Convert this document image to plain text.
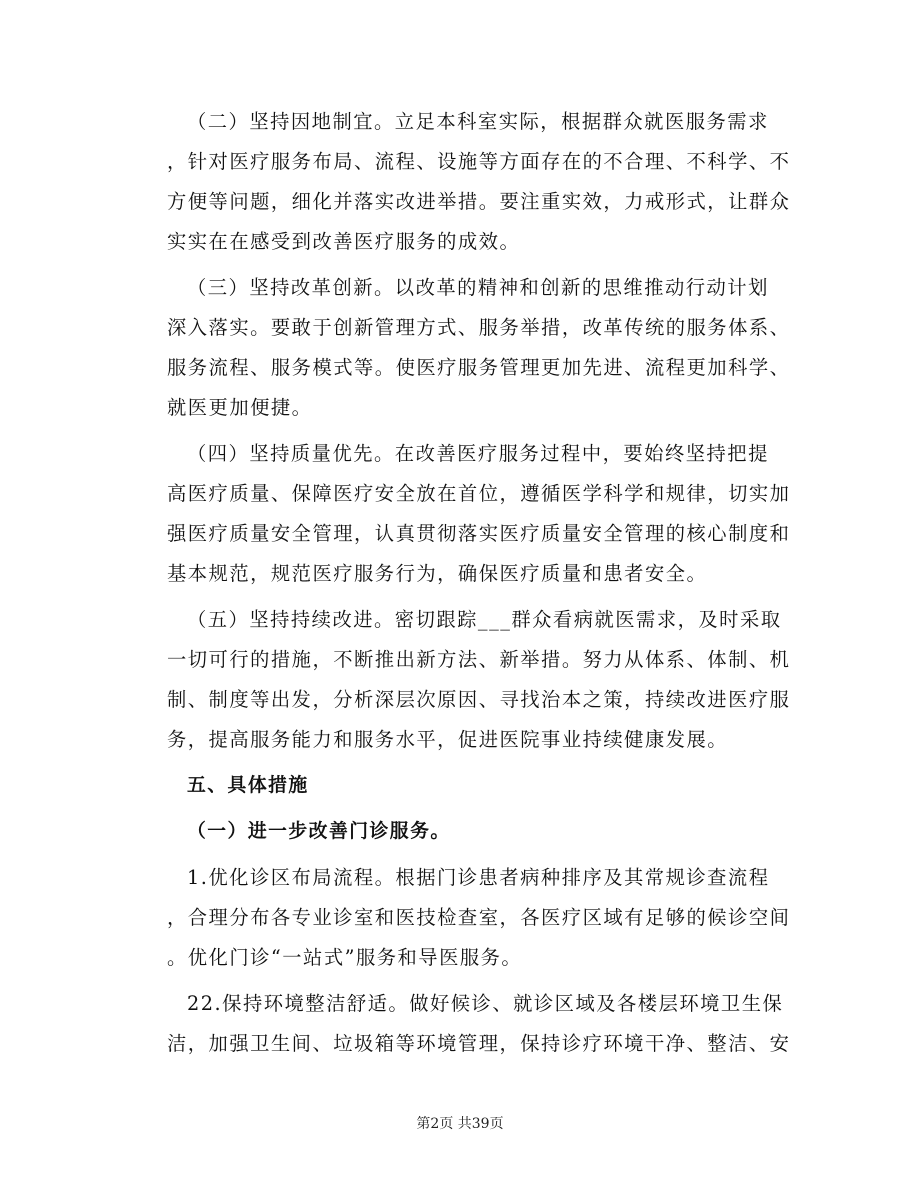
（二）坚持因地制宜。立足本科室实际，根据群众就医服务需求
，针对医疗服务布局、流程、设施等方面存在的不合理、不科学、不
方便等问题，细化并落实改进举措。要注重实效，力戒形式，让群众
实实在在感受到改善医疗服务的成效。
（三）坚持改革创新。以改革的精神和创新的思维推动行动计划
深入落实。要敢于创新管理方式、服务举措，改革传统的服务体系、
服务流程、服务模式等。使医疗服务管理更加先进、流程更加科学、
就医更加便捷。
（四）坚持质量优先。在改善医疗服务过程中，要始终坚持把提
高医疗质量、保障医疗安全放在首位，遵循医学科学和规律，切实加
强医疗质量安全管理，认真贯彻落实医疗质量安全管理的核心制度和
基本规范，规范医疗服务行为，确保医疗质量和患者安全。
（五）坚持持续改进。密切跟踪___群众看病就医需求，及时采取
一切可行的措施，不断推出新方法、新举措。努力从体系、体制、机
制、制度等出发，分析深层次原因、寻找治本之策，持续改进医疗服
务，提高服务能力和服务水平，促进医院事业持续健康发展。
五、具体措施
（一）进一步改善门诊服务。
1.优化诊区布局流程。根据门诊患者病种排序及其常规诊查流程
，合理分布各专业诊室和医技检查室，各医疗区域有足够的候诊空间
。优化门诊“一站式”服务和导医服务。
22.保持环境整洁舒适。做好候诊、就诊区域及各楼层环境卫生保
洁，加强卫生间、垃圾箱等环境管理，保持诊疗环境干净、整洁、安
第2页 共39页
